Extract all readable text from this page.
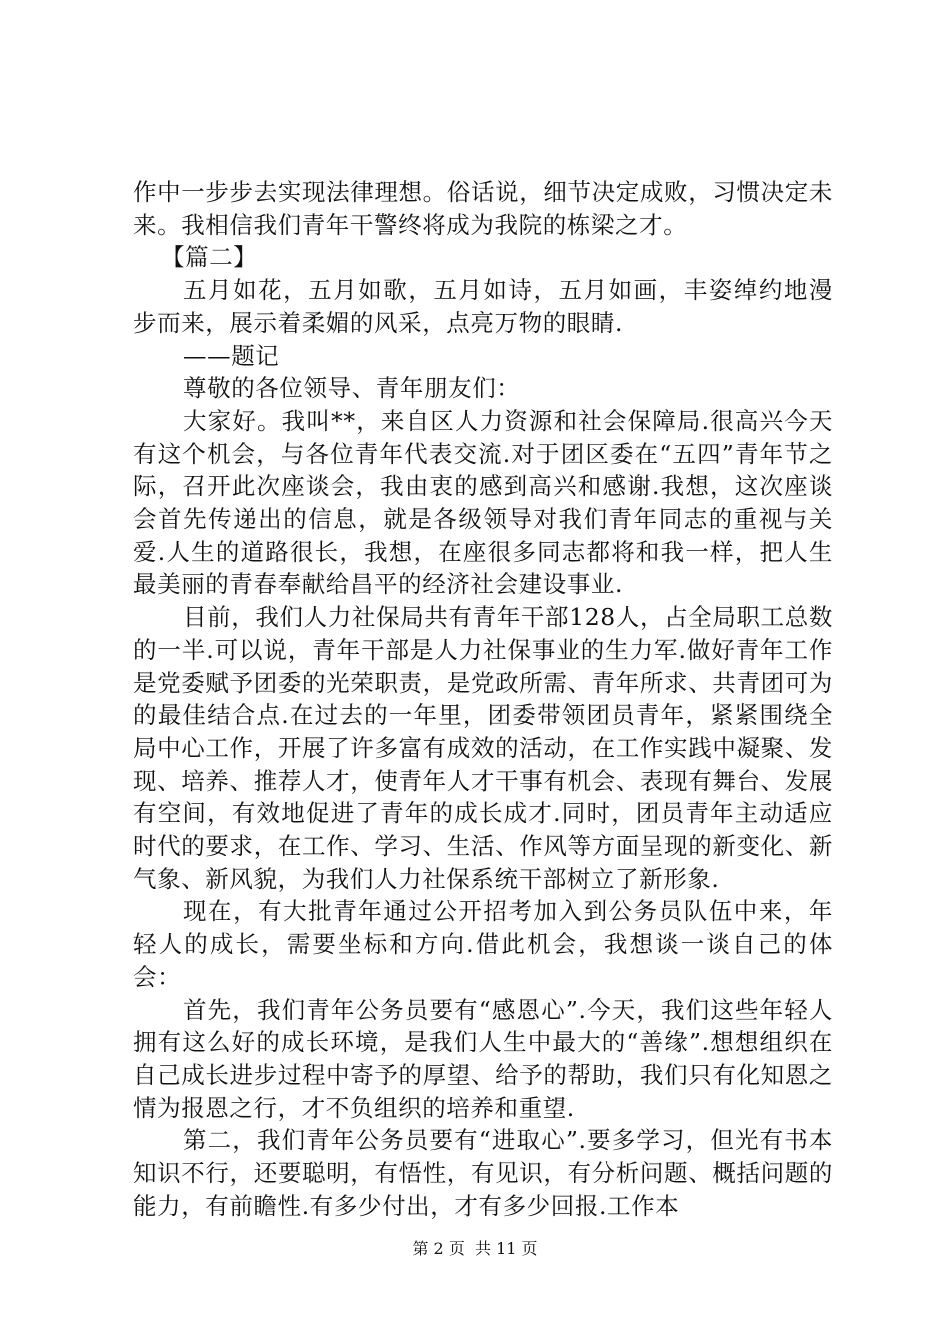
作中一步步去实现法律理想。俗话说，细节决定成败，习惯决定未来。我相信我们青年干警终将成为我院的栋梁之才。

【篇二】

五月如花，五月如歌，五月如诗，五月如画，丰姿绰约地漫步而来，展示着柔媚的风采，点亮万物的眼睛.

——题记

尊敬的各位领导、青年朋友们：

大家好。我叫**，来自区人力资源和社会保障局.很高兴今天有这个机会，与各位青年代表交流.对于团区委在“五四”青年节之际，召开此次座谈会，我由衷的感到高兴和感谢.我想，这次座谈会首先传递出的信息，就是各级领导对我们青年同志的重视与关爱.人生的道路很长，我想，在座很多同志都将和我一样，把人生最美丽的青春奉献给昌平的经济社会建设事业.

目前，我们人力社保局共有青年干部128人，占全局职工总数的一半.可以说，青年干部是人力社保事业的生力军.做好青年工作是党委赋予团委的光荣职责，是党政所需、青年所求、共青团可为的最佳结合点.在过去的一年里，团委带领团员青年，紧紧围绕全局中心工作，开展了许多富有成效的活动，在工作实践中凝聚、发现、培养、推荐人才，使青年人才干事有机会、表现有舞台、发展有空间，有效地促进了青年的成长成才.同时，团员青年主动适应时代的要求，在工作、学习、生活、作风等方面呈现的新变化、新气象、新风貌，为我们人力社保系统干部树立了新形象.

现在，有大批青年通过公开招考加入到公务员队伍中来，年轻人的成长，需要坐标和方向.借此机会，我想谈一谈自己的体会：

首先，我们青年公务员要有“感恩心”.今天，我们这些年轻人拥有这么好的成长环境，是我们人生中最大的“善缘”.想想组织在自己成长进步过程中寄予的厚望、给予的帮助，我们只有化知恩之情为报恩之行，才不负组织的培养和重望.

第二，我们青年公务员要有“进取心”.要多学习，但光有书本知识不行，还要聪明，有悟性，有见识，有分析问题、概括问题的能力，有前瞻性.有多少付出，才有多少回报.工作本

第 2 页  共 11 页
